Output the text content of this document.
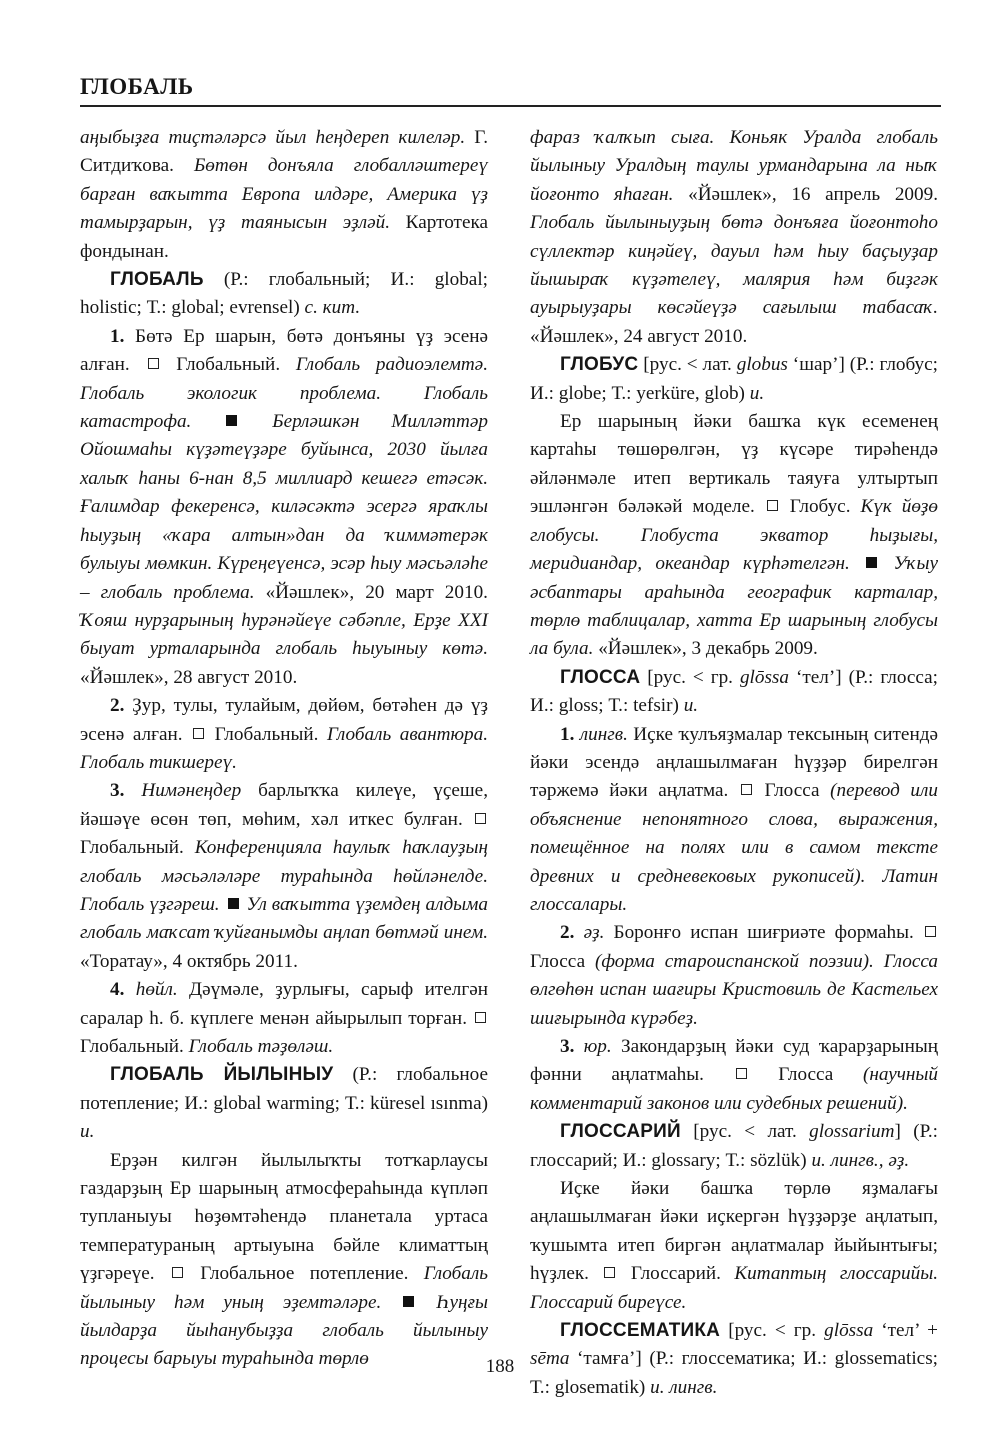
ГЛОБАЛЬ

аңыбыҙға тиҫтәләрсә йыл һеңдереп килеләр. Г. Ситдиҡова. Бөтөн донъяла глобалләштереү барған ваҡытта Европа илдәре, Америка үҙ тамырҙарын, үҙ таяныcын эҙләй. Картотека фондынан.

ГЛОБАЛЬ (Р.: глобальный; И.: global; holistic; Т.: global; evrensel) с. кит.

1. Бөтә Ер шарын, бөтә донъяны үҙ эсенә алған.  Глобальный. Глобаль радиоэлемтә. Глобаль экологик проблема. Глобаль катастрофа.	Берләшкән Милләттәр Ойошмаһы күҙәтеүҙәре буйынса, 2030 йылға халыҡ һаны 6-нан 8,5 миллиард кешегә етәсәк. Ғалимдар фекеренсә, киләсәктә эсергә яраҡлы һыуҙың «ҡара алтын»дан да ҡиммәтерәк булыуы мөмкин. Күреңеүенсә, эсәр һыу мәсьәләһе – глобаль проблема. «Йәшлек», 20 март 2010. Ҡояш нурҙарының һурәнәйеүе сәбәпле, Ерҙе XXI быуат урталарында глобаль һыуыныу көтә. «Йәшлек», 28 август 2010.

2. Ҙур, тулы, тулайым, дөйөм, бөтәһен дә үҙ эсенә алған.  Глобальный. Глобаль авантюра. Глобаль тикшереү.

3. Нимәнеңдер барлыҡҡа килеүе, үҫеше, йәшәүе өсөн төп, мөһим, хәл иткес булған.  Глобальный. Конференцияла һаулыҡ һаҡлауҙың глобаль мәсьәләләре тураһында һөйләнелде. Глобаль үҙгәреш.  Ул ваҡытта үҙемдең алдыма глобаль маҡсат ҡуйғанымды аңлап бөтмәй инем. «Торатау», 4 октябрь 2011.

4. һөйл. Дәүмәле, ҙурлығы, сарыф ителгән саралар һ. б. күплеге менән айырылып торған.  Глобальный. Глобаль тәҙөләш.

ГЛОБАЛЬ ЙЫЛЫНЫУ (Р.: глобальное потепление; И.: global warming; Т.: küresel ısınma) и.

Ерҙән килгән йылылыҡты тотҡарлаусы газдарҙың Ер шарының атмосфераһында күпләп тупланыуы һөҙөмтәһендә планетала уртаса температураның артыуына бәйле климаттың үҙгәреүе.  Глобальное потепление. Глобаль йылыныу һәм уның эҙемтәләре.  Һуңғы йылдарҙа йыһанубыҙҙа глобаль йылыныу процесы барыуы тураһында төрлө

фараз ҡалҡып сыға. Коньяк Уралда глобаль йылыныу Уралдың таулы урмандарына ла ныҡ йоғонто яһаған. «Йәшлек», 16 апрель 2009. Глобаль йылыныуҙың бөтә донъяға йоғонтоһо сүллектәр киңәйеү, дауыл һәм һыу баҫыуҙар йышыраҡ күҙәтелеү, малярия һәм биҙгәк ауырыуҙары көсәйеүҙә сағылыш табасаҡ. «Йәшлек», 24 август 2010.

ГЛОБУС [рус. < лат. globus ‘шар’] (Р.: глобус; И.: globe; Т.: yerküre, glob) и.

Ер шарының йәки башҡа күк есеменең картаһы төшөрөлгән, үҙ күсәре тирәһендә әйләнмәле итеп вертикаль таяуға ултыртып эшләнгән бәләкәй моделе.  Глобус. Күк йөҙө глобусы. Глобуста экватор һыҙығы, меридиандар, океандар күрһәтелгән.  Уҡыу әсбаптары араһында географик карталар, төрлө таблицалар, хатта Ер шарының глобусы ла була. «Йәшлек», 3 декабрь 2009.

ГЛОССА [рус. < гр. glōssa ‘тел’] (Р.: глосса; И.: gloss; Т.: tefsir) и.

1. лингв. Иҫке ҡулъяҙмалар тексының ситендә йәки эсендә аңлашылмаған һүҙҙәр бирелгән тәржемә йәки аңлатма.  Глосса (перевод или объяснение непонятного слова, выражения, помещённое на полях или в самом тексте древних и средневековых рукописей). Латин глоссалары.

2. әҙ. Боронғо испан шиғриәте формаһы.  Глосса (форма староиспанской поэзии). Глосса өлгөһөн испан шағиры Кристовиль де Кастельех шиғырында күрәбеҙ.

3. юр. Закондарҙың йәки суд ҡарарҙарының фәнни аңлатмаһы.  Глосса (научный комментарий законов или судебных решений).

ГЛОССАРИЙ [рус. < лат. glossarium] (Р.: глоссарий; И.: glossary; Т.: sözlük) и. лингв., әҙ.

Иҫке йәки башҡа төрлө яҙмалағы аңлашылмаған йәки иҫкергән һүҙҙәрҙе аңлатып, ҡушымта итеп биргән аңлатмалар йыйынтығы; һүҙлек.  Глоссарий. Китаптың глоссарийы. Глоссарий биреүсе.

ГЛОССЕМАТИКА [рус. < гр. glōssa ‘тел’ + sēma ‘тамға’] (Р.: глоссематика; И.: glossematics; Т.: glosematik) и. лингв.

188
